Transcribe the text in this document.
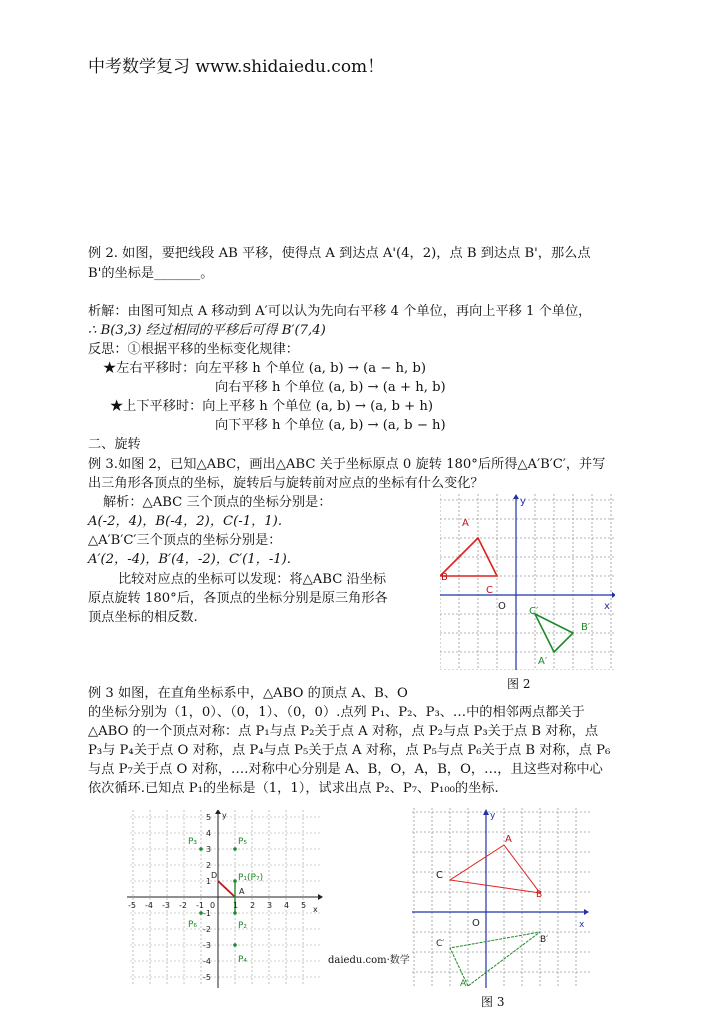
中考数学复习 www.shidaiedu.com！
例 2. 如图，要把线段 AB 平移，使得点 A 到达点 A'(4，2)，点 B 到达点 B'，那么点
B'的坐标是_______。
析解：由图可知点 A 移动到 A′可以认为先向右平移 4 个单位，再向上平移 1 个单位，
∴ B(3,3) 经过相同的平移后可得 B′(7,4)
反思：①根据平移的坐标变化规律：
★左右平移时：向左平移 h 个单位 (a, b) → (a − h, b)
向右平移 h 个单位 (a, b) → (a + h, b)
★上下平移时：向上平移 h 个单位 (a, b) → (a, b + h)
向下平移 h 个单位 (a, b) → (a, b − h)
二、旋转
例 3.如图 2，已知△ABC，画出△ABC 关于坐标原点 0 旋转 180°后所得△A′B′C′，并写
出三角形各顶点的坐标，旋转后与旋转前对应点的坐标有什么变化？
解析：△ABC 三个顶点的坐标分别是：
A(-2，4)，B(-4，2)，C(-1，1).
△A′B′C′三个顶点的坐标分别是：
A′(2，-4)，B′(4，-2)，C′(1，-1).
比较对应点的坐标可以发现：将△ABC 沿坐标
原点旋转 180°后，各顶点的坐标分别是原三角形各
顶点坐标的相反数.
A
B
C
A′
B′
C′
O	x
y
图 2
例 3 如图，在直角坐标系中，△ABO 的顶点 A、B、O
的坐标分别为（1，0）、（0，1）、（0，0）.点列 P₁、P₂、P₃、…中的相邻两点都关于
△ABO 的一个顶点对称：点 P₁与点 P₂关于点 A 对称，点 P₂与点 P₃关于点 B 对称，点
P₃与 P₄关于点 O 对称，点 P₄与点 P₅关于点 A 对称，点 P₅与点 P₆关于点 B 对称，点 P₆
与点 P₇关于点 O 对称，….对称中心分别是 A、B，O，A，B，O，…，且这些对称中心
依次循环.已知点 P₁的坐标是（1，1），试求出点 P₂、P₇、P₁₀₀的坐标.
-5 -4 -3 -2 -1 0 1 2 3 4 5
5
4
3
2
1
-1
-2
-3
-4
-5
P₃	P₅
P₁(P₇)
P₆	P₂
P₄
D
A
x
y
A
B
C
A′
B′
C′
O	x
y
daiedu.com·数学
图 3
